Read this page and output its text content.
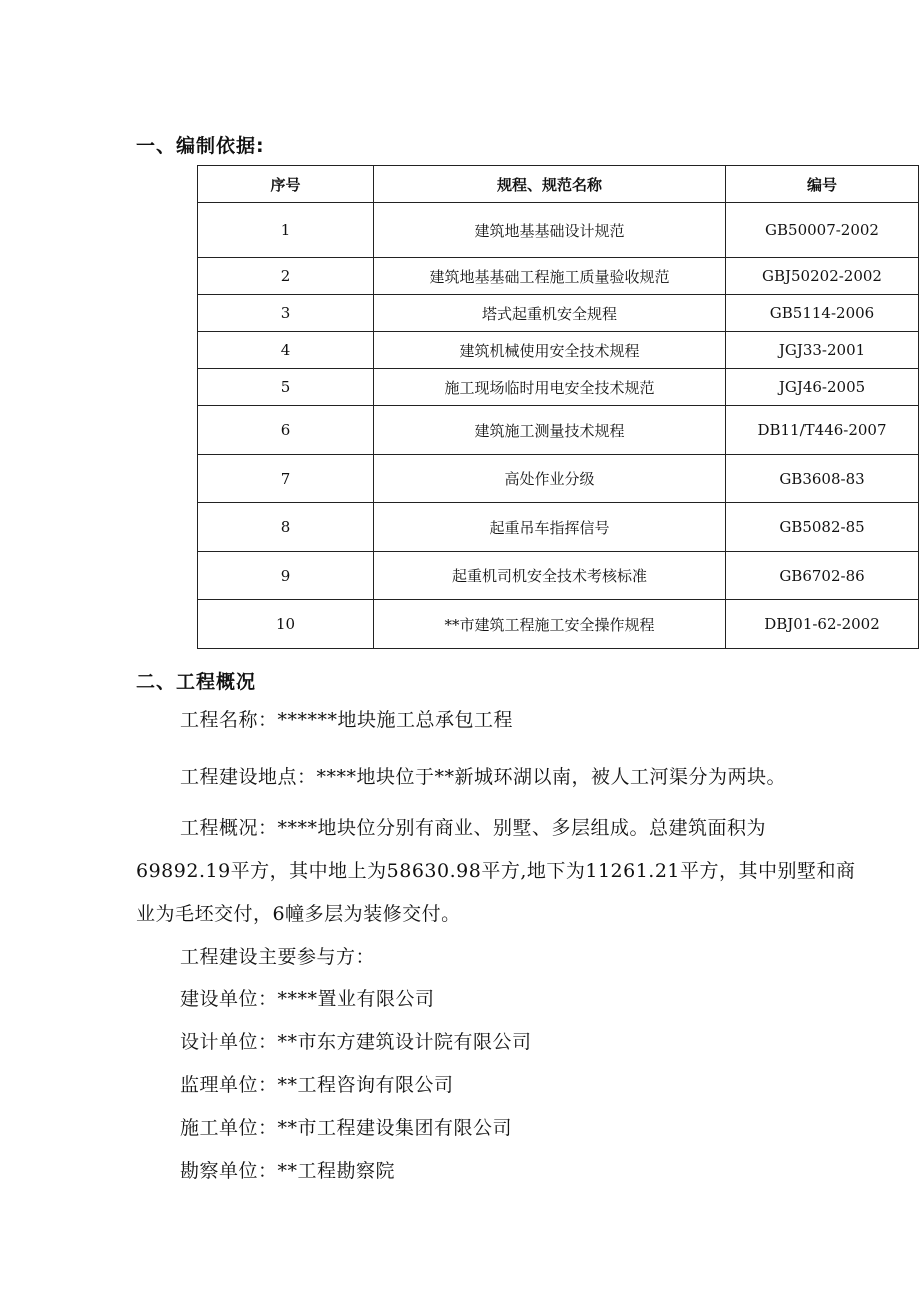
一、编制依据:
序号	规程、规范名称	编号
1	建筑地基基础设计规范	GB50007-2002
2	建筑地基基础工程施工质量验收规范	GBJ50202-2002
3	塔式起重机安全规程	GB5114-2006
4	建筑机械使用安全技术规程	JGJ33-2001
5	施工现场临时用电安全技术规范	JGJ46-2005
6	建筑施工测量技术规程	DB11/T446-2007
7	高处作业分级	GB3608-83
8	起重吊车指挥信号	GB5082-85
9	起重机司机安全技术考核标准	GB6702-86
10	**市建筑工程施工安全操作规程	DBJ01-62-2002
二、工程概况
工程名称：******地块施工总承包工程
工程建设地点：****地块位于**新城环湖以南，被人工河渠分为两块。
工程概况：****地块位分别有商业、别墅、多层组成。总建筑面积为
69892.19平方，其中地上为58630.98平方,地下为11261.21平方，其中别墅和商
业为毛坯交付，6幢多层为装修交付。
工程建设主要参与方：
建设单位：****置业有限公司
设计单位：**市东方建筑设计院有限公司
监理单位：**工程咨询有限公司
施工单位：**市工程建设集团有限公司
勘察单位：**工程勘察院
